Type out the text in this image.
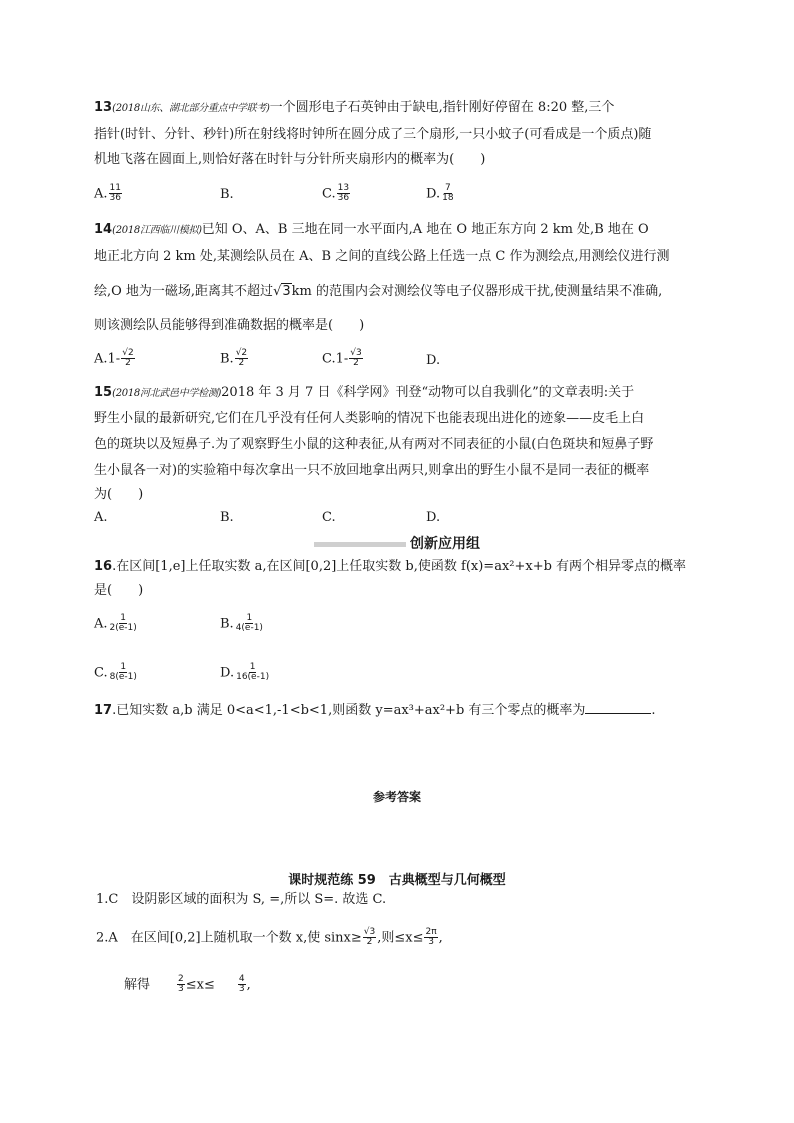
13(2018山东、湖北部分重点中学联考)一个圆形电子石英钟由于缺电,指针刚好停留在 8:20 整,三个
指针(时针、分针、秒针)所在射线将时钟所在圆分成了三个扇形,一只小蚊子(可看成是一个质点)随
机地飞落在圆面上,则恰好落在时针与分针所夹扇形内的概率为(　　)
A. $\frac{11}{36}$	B.	C. $\frac{13}{36}$	D. $\frac{7}{18}$
14(2018江西临川模拟)已知 O、A、B 三地在同一水平面内,A 地在 O 地正东方向 2 km 处,B 地在 O
地正北方向 2 km 处,某测绘队员在 A、B 之间的直线公路上任选一点 C 作为测绘点,用测绘仪进行测
绘,O 地为一磁场,距离其不超过√3km 的范围内会对测绘仪等电子仪器形成干扰,使测量结果不准确,
则该测绘队员能够得到准确数据的概率是(　　)
$A.1- \frac{√2}{2}$	B. $\frac{√2}{2}$	$C.1- \frac{√3}{2}$	D.
15(2018河北武邑中学检测)2018 年 3 月 7 日《科学网》刊登“动物可以自我驯化”的文章表明:关于
野生小鼠的最新研究,它们在几乎没有任何人类影响的情况下也能表现出进化的迹象——皮毛上白
色的斑块以及短鼻子.为了观察野生小鼠的这种表征,从有两对不同表征的小鼠(白色斑块和短鼻子野
生小鼠各一对)的实验箱中每次拿出一只不放回地拿出两只,则拿出的野生小鼠不是同一表征的概率
为(　　)
A.	B.	C.	D.
创新应用组
16.在区间[1,e]上任取实数 a,在区间[0,2]上任取实数 b,使函数 f(x)=ax²+x+b 有两个相异零点的概率
是(　　)
A. $\frac{1}{2(e-1)}$	B. $\frac{1}{4(e-1)}$
C. $\frac{1}{8(e-1)}$	D. $\frac{1}{16(e-1)}$
17.已知实数 a,b 满足 0<a<1,-1<b<1,则函数 y=ax³+ax²+b 有三个零点的概率为	.
参考答案
课时规范练 59　古典概型与几何概型
1.C　设阴影区域的面积为 S, =,所以 S=. 故选 C.
2.A　在区间[0,2]上随机取一个数 x,使 $\sin x\ge \frac{√3}{2}$ ,则$\le x\le \frac{2\pi}{3}$ ,
解得	$\frac{2}{3} \le x\le$	$\frac{4}{3}$ ,
